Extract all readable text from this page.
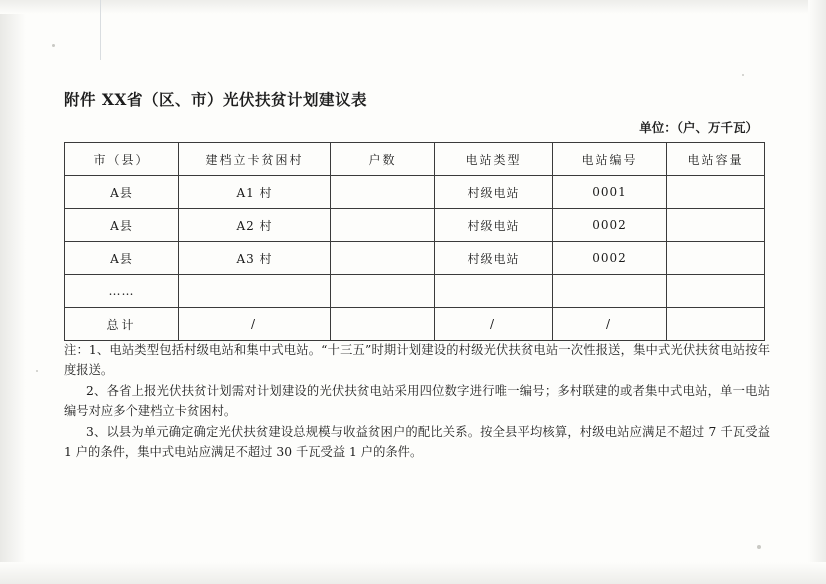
附件 XX省（区、市）光伏扶贫计划建议表
单位：（户、万千瓦）
市（县）	建档立卡贫困村	户数	电站类型	电站编号	电站容量
A县	A1 村		村级电站	0001	
A县	A2 村		村级电站	0002	
A县	A3 村		村级电站	0002	
……					
总计	/		/	/	

注：1、电站类型包括村级电站和集中式电站。“十三五”时期计划建设的村级光伏扶贫电站一次性报送，集中式光伏扶贫电站按年度报送。

2、各省上报光伏扶贫计划需对计划建设的光伏扶贫电站采用四位数字进行唯一编号；多村联建的或者集中式电站，单一电站编号对应多个建档立卡贫困村。

3、以县为单元确定确定光伏扶贫建设总规模与收益贫困户的配比关系。按全县平均核算，村级电站应满足不超过 7 千瓦受益 1 户的条件，集中式电站应满足不超过 30 千瓦受益 1 户的条件。
